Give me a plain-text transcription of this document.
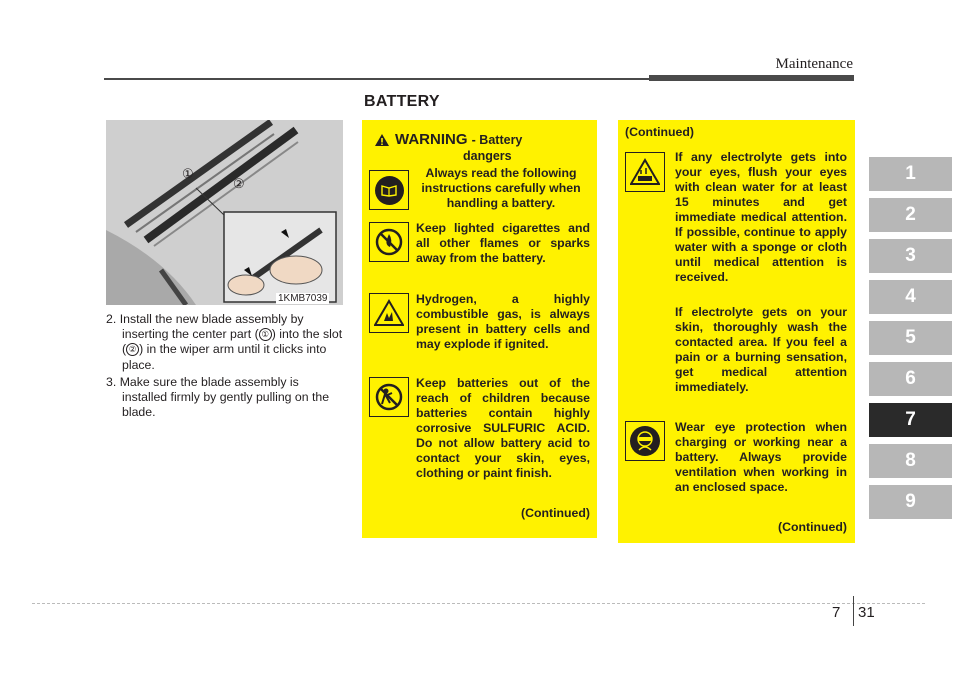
Maintenance
BATTERY
①
②
1KMB7039
2. Install the new blade assembly by inserting the center part ( ① ) into the slot ( ② ) in the wiper arm until it clicks into place.
3. Make sure the blade assembly is installed firmly by gently pulling on the blade.
WARNING - Battery
dangers
Always read the following instructions carefully when handling a battery.
Keep lighted cigarettes and all other flames or sparks away from the battery.
Hydrogen, a highly combustible gas, is always present in battery cells and may explode if ignited.
Keep batteries out of the reach of children because batteries contain highly corrosive SULFURIC ACID. Do not allow battery acid to contact your skin, eyes, clothing or paint finish.
(Continued)
(Continued)
If any electrolyte gets into your eyes, flush your eyes with clean water for at least 15 minutes and get immediate medical attention. If possible, continue to apply water with a sponge or cloth until medical attention is received.
If electrolyte gets on your skin, thoroughly wash the contacted area. If you feel a pain or a burning sensation, get medical attention immediately.
Wear eye protection when charging or working near a battery. Always provide ventilation when working in an enclosed space.
(Continued)
1
2
3
4
5
6
7
8
9
7 31
